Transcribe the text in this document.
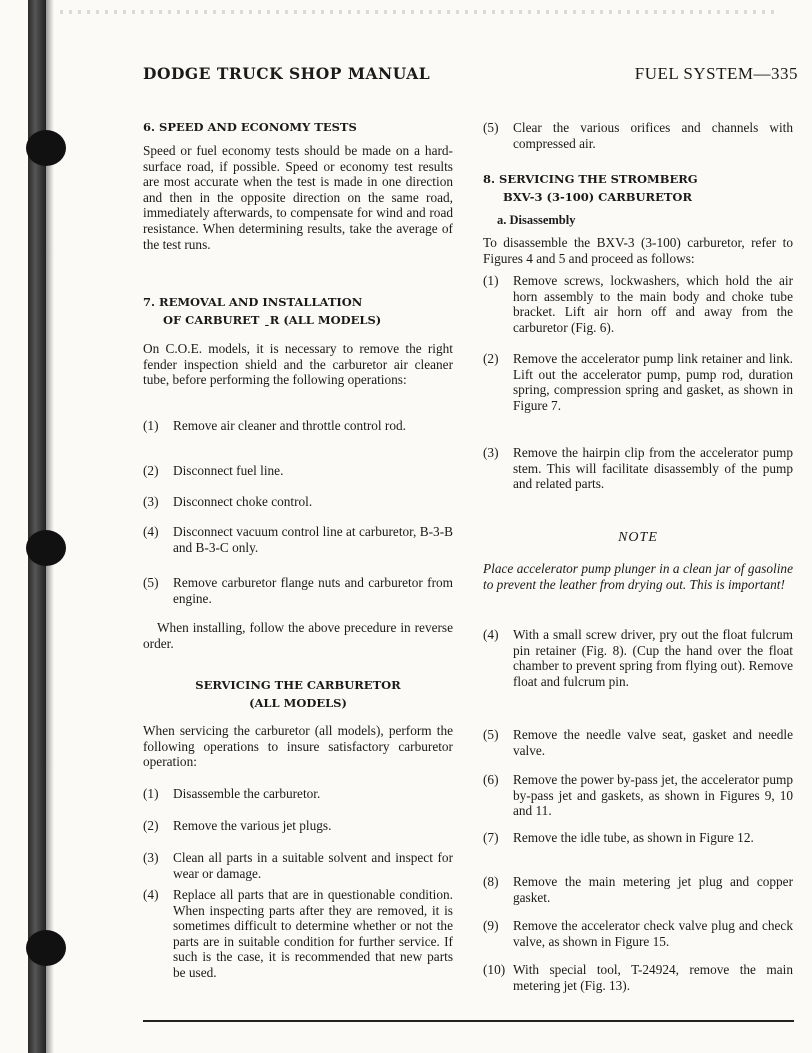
DODGE TRUCK SHOP MANUAL	FUEL SYSTEM—335
6. SPEED AND ECONOMY TESTS
Speed or fuel economy tests should be made on a hard-surface road, if possible. Speed or economy test results are most accurate when the test is made in one direction and then in the opposite direction on the same road, immediately afterwards, to compensate for wind and road resistance. When determining results, take the average of the test runs.
7. REMOVAL AND INSTALLATION
OF CARBURET  ˍR (ALL MODELS)
On C.O.E. models, it is necessary to remove the right fender inspection shield and the carburetor air cleaner tube, before performing the following operations:
(1)	Remove air cleaner and throttle control rod.
(2)	Disconnect fuel line.
(3)	Disconnect choke control.
(4)	Disconnect vacuum control line at carburetor, B-3-B and B-3-C only.
(5)	Remove carburetor flange nuts and carburetor from engine.
When installing, follow the above precedure in reverse order.
SERVICING THE CARBURETOR
(ALL MODELS)
When servicing the carburetor (all models), perform the following operations to insure satisfactory carburetor operation:
(1)	Disassemble the carburetor.
(2)	Remove the various jet plugs.
(3)	Clean all parts in a suitable solvent and inspect for wear or damage.
(4)	Replace all parts that are in questionable condition. When inspecting parts after they are removed, it is sometimes difficult to determine whether or not the parts are in suitable condition for further service. If such is the case, it is recommended that new parts be used.
(5)	Clear the various orifices and channels with compressed air.
8. SERVICING THE STROMBERG
BXV-3 (3-100) CARBURETOR
a. Disassembly
To disassemble the BXV-3 (3-100) carburetor, refer to Figures 4 and 5 and proceed as follows:
(1)	Remove screws, lockwashers, which hold the air horn assembly to the main body and choke tube bracket. Lift air horn off and away from the carburetor (Fig. 6).
(2)	Remove the accelerator pump link retainer and link. Lift out the accelerator pump, pump rod, duration spring, compression spring and gasket, as shown in Figure 7.
(3)	Remove the hairpin clip from the accelerator pump stem. This will facilitate disassembly of the pump and related parts.
NOTE
Place accelerator pump plunger in a clean jar of gasoline to prevent the leather from drying out. This is important!
(4)	With a small screw driver, pry out the float fulcrum pin retainer (Fig. 8). (Cup the hand over the float chamber to prevent spring from flying out). Remove float and fulcrum pin.
(5)	Remove the needle valve seat, gasket and needle valve.
(6)	Remove the power by-pass jet, the accelerator pump by-pass jet and gaskets, as shown in Figures 9, 10 and 11.
(7)	Remove the idle tube, as shown in Figure 12.
(8)	Remove the main metering jet plug and copper gasket.
(9)	Remove the accelerator check valve plug and check valve, as shown in Figure 15.
(10) With special tool, T-24924, remove the main metering jet (Fig. 13).
